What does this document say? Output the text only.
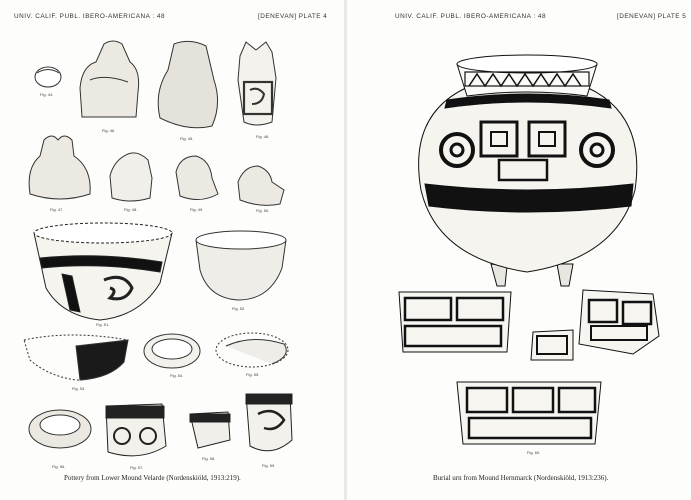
UNIV. CALIF. PUBL. IBERO-AMERICANA : 48	[DENEVAN] PLATE 4
Fig. 44.
Fig. 46.
Fig. 45.	Fig. 46.
Fig. 47.	Fig. 48.	Fig. 49.	Fig. 50.
Fig. 51.
Fig. 52.
Fig. 53.
Fig. 54.	Fig. 55.
Fig. 56.	Fig. 57.
Fig. 58.
Fig. 59.
Pottery from Lower Mound Velarde (Nordenskiöld, 1913:219).
UNIV. CALIF. PUBL. IBERO-AMERICANA : 48	[DENEVAN] PLATE 5
Fig. 60.
Burial urn from Mound Hernmarck (Nordenskiöld, 1913:236).
